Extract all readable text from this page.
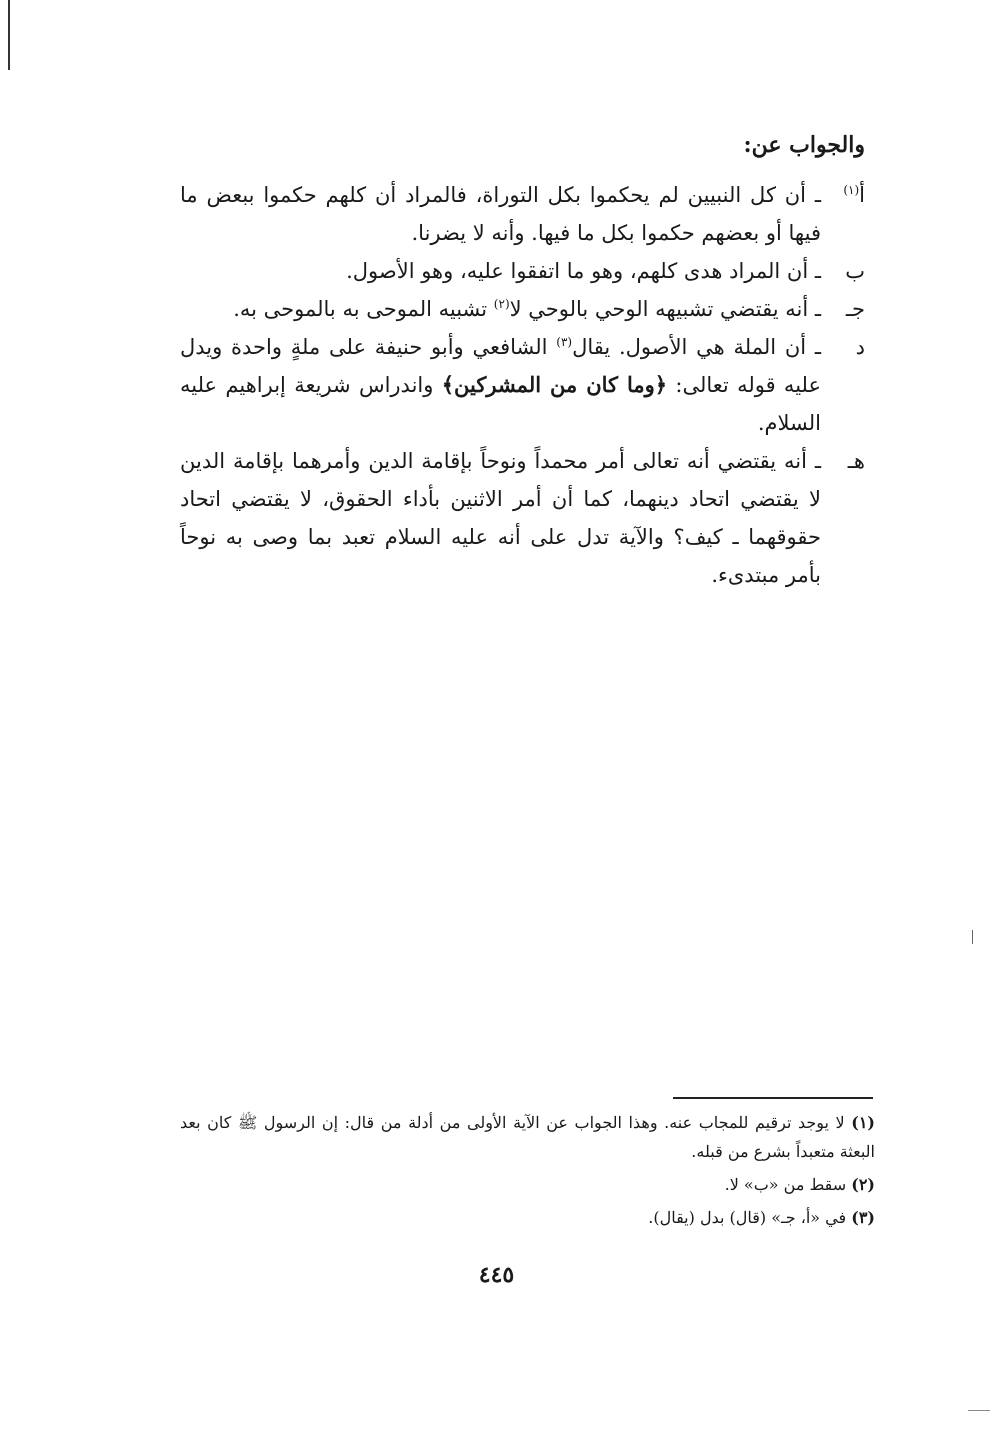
والجواب عن:

أ$^{(١)}$
ـ أن كل النبيين لم يحكموا بكل التوراة، فالمراد أن كلهم حكموا ببعض ما فيها أو بعضهم حكموا بكل ما فيها. وأنه لا يضرنا.

ب
ـ أن المراد هدى كلهم، وهو ما اتفقوا عليه، وهو الأصول.

جـ
ـ أنه يقتضي تشبيهه الوحي بالوحي لا$^{(٢)}$ تشبيه الموحى به بالموحى به.

د
ـ أن الملة هي الأصول. يقال$^{(٣)}$ الشافعي وأبو حنيفة على ملةٍ واحدة ويدل عليه قوله تعالى: ﴿وما كان من المشركين﴾ واندراس شريعة إبراهيم عليه السلام.

هـ
ـ أنه يقتضي أنه تعالى أمر محمداً ونوحاً بإقامة الدين وأمرهما بإقامة الدين لا يقتضي اتحاد دينهما، كما أن أمر الاثنين بأداء الحقوق، لا يقتضي اتحاد حقوقهما ـ كيف؟ والآية تدل على أنه عليه السلام تعبد بما وصى به نوحاً بأمر مبتدىء.

(١) لا يوجد ترقيم للمجاب عنه. وهذا الجواب عن الآية الأولى من أدلة من قال: إن الرسول ﷺ كان بعد البعثة متعبداً بشرع من قبله.

(٢) سقط من «ب» لا.

(٣) في «أ، جـ» (قال) بدل (يقال).

٤٤٥
